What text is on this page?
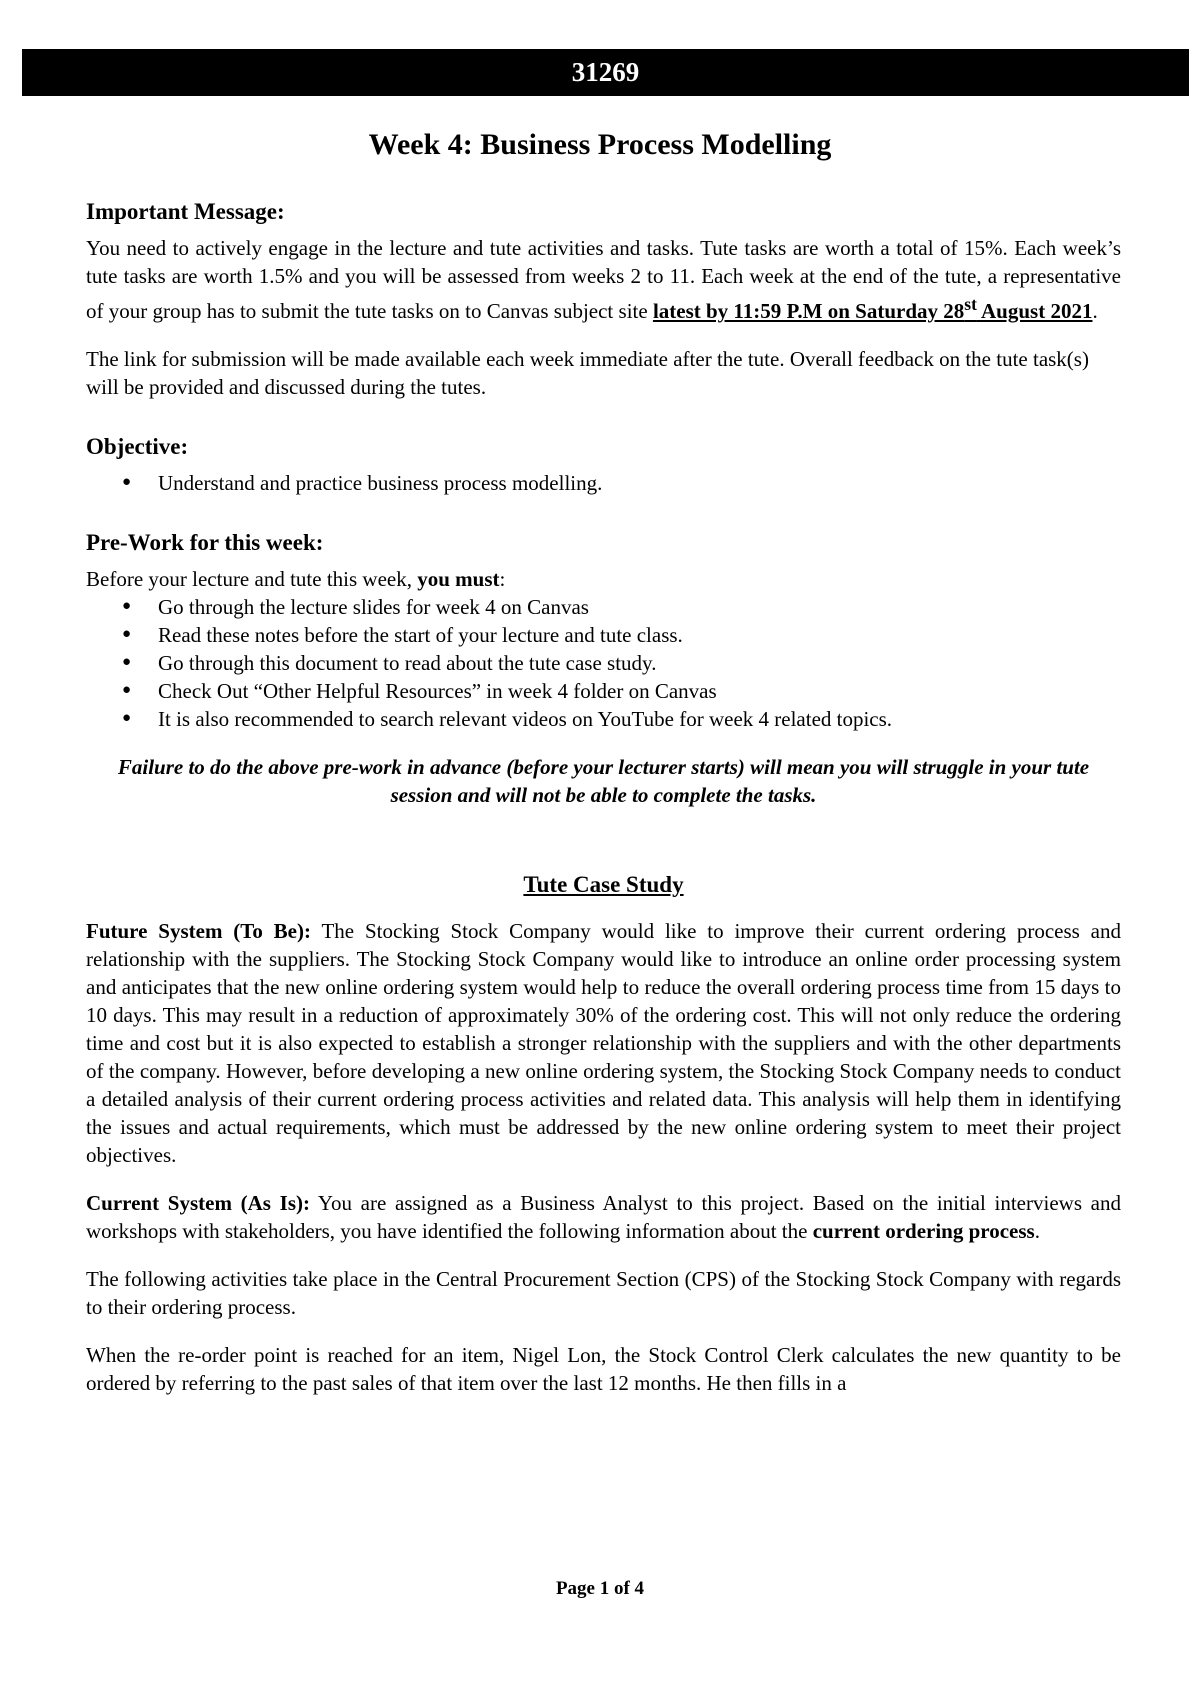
31269
Week 4: Business Process Modelling
Important Message:

You need to actively engage in the lecture and tute activities and tasks. Tute tasks are worth a total of 15%. Each week’s tute tasks are worth 1.5% and you will be assessed from weeks 2 to 11. Each week at the end of the tute, a representative of your group has to submit the tute tasks on to Canvas subject site latest by 11:59 P.M on Saturday 28st August 2021.

The link for submission will be made available each week immediate after the tute. Overall feedback on the tute task(s) will be provided and discussed during the tutes.

Objective:
● Understand and practice business process modelling.
Pre-Work for this week:

Before your lecture and tute this week, you must:

● Go through the lecture slides for week 4 on Canvas
● Read these notes before the start of your lecture and tute class.
● Go through this document to read about the tute case study.
● Check Out “Other Helpful Resources” in week 4 folder on Canvas
● It is also recommended to search relevant videos on YouTube for week 4 related topics.

Failure to do the above pre-work in advance (before your lecturer starts) will mean you will struggle in your tute session and will not be able to complete the tasks.

Tute Case Study

Future System (To Be): The Stocking Stock Company would like to improve their current ordering process and relationship with the suppliers. The Stocking Stock Company would like to introduce an online order processing system and anticipates that the new online ordering system would help to reduce the overall ordering process time from 15 days to 10 days. This may result in a reduction of approximately 30% of the ordering cost. This will not only reduce the ordering time and cost but it is also expected to establish a stronger relationship with the suppliers and with the other departments of the company. However, before developing a new online ordering system, the Stocking Stock Company needs to conduct a detailed analysis of their current ordering process activities and related data. This analysis will help them in identifying the issues and actual requirements, which must be addressed by the new online ordering system to meet their project objectives.

Current System (As Is): You are assigned as a Business Analyst to this project. Based on the initial interviews and workshops with stakeholders, you have identified the following information about the current ordering process.

The following activities take place in the Central Procurement Section (CPS) of the Stocking Stock Company with regards to their ordering process.

When the re-order point is reached for an item, Nigel Lon, the Stock Control Clerk calculates the new quantity to be ordered by referring to the past sales of that item over the last 12 months. He then fills in a

Page 1 of 4
